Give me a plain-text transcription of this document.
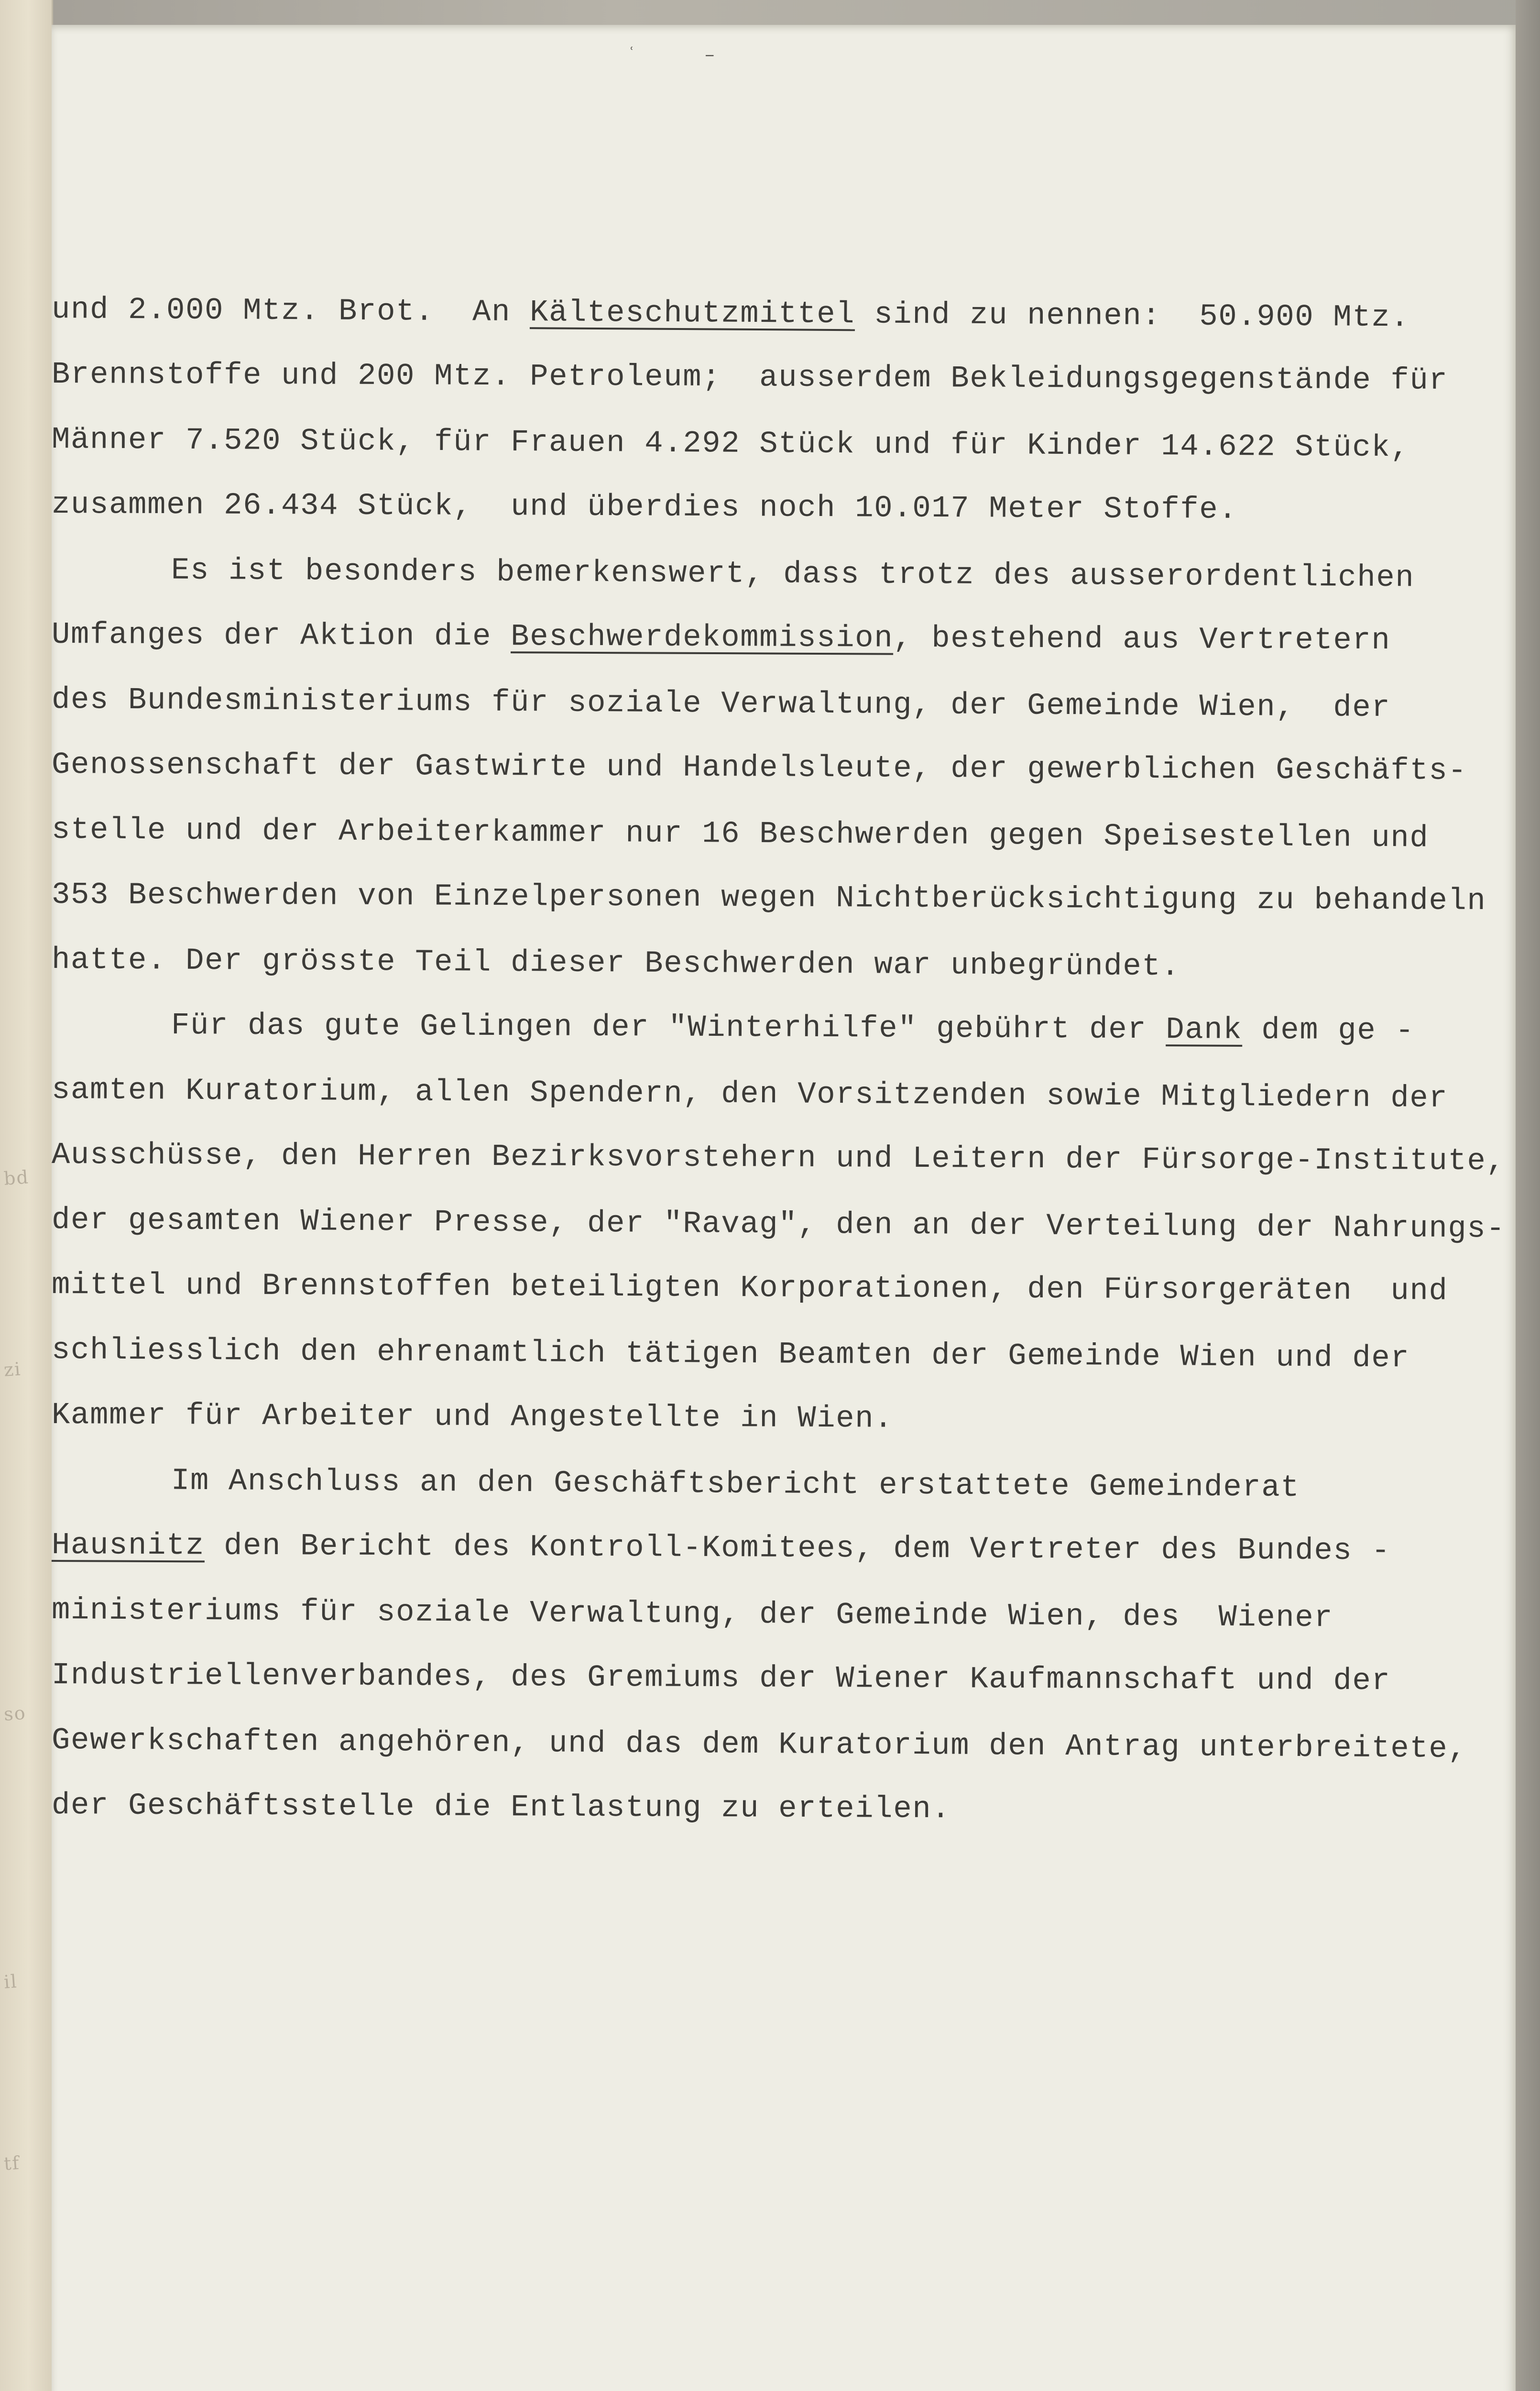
bd
zi
so
il
tf
ʿ–
und 2.000 Mtz. Brot.  An Kälteschutzmittel sind zu nennen:  50.900 Mtz.
Brennstoffe und 200 Mtz. Petroleum;  ausserdem Bekleidungsgegenstände für
Männer 7.520 Stück, für Frauen 4.292 Stück und für Kinder 14.622 Stück,
zusammen 26.434 Stück,  und überdies noch 10.017 Meter Stoffe.
Es ist besonders bemerkenswert, dass trotz des ausserordentlichen
Umfanges der Aktion die Beschwerdekommission, bestehend aus Vertretern
des Bundesministeriums für soziale Verwaltung, der Gemeinde Wien,  der
Genossenschaft der Gastwirte und Handelsleute, der gewerblichen Geschäfts-
stelle und der Arbeiterkammer nur 16 Beschwerden gegen Speisestellen und
353 Beschwerden von Einzelpersonen wegen Nichtberücksichtigung zu behandeln
hatte. Der grösste Teil dieser Beschwerden war unbegründet.
Für das gute Gelingen der "Winterhilfe" gebührt der Dank dem ge -
samten Kuratorium, allen Spendern, den Vorsitzenden sowie Mitgliedern der
Ausschüsse, den Herren Bezirksvorstehern und Leitern der Fürsorge-Institute,
der gesamten Wiener Presse, der "Ravag", den an der Verteilung der Nahrungs-
mittel und Brennstoffen beteiligten Korporationen, den Fürsorgeräten  und
schliesslich den ehrenamtlich tätigen Beamten der Gemeinde Wien und der
Kammer für Arbeiter und Angestellte in Wien.
Im Anschluss an den Geschäftsbericht erstattete Gemeinderat
Hausnitz den Bericht des Kontroll-Komitees, dem Vertreter des Bundes -
ministeriums für soziale Verwaltung, der Gemeinde Wien, des  Wiener
Industriellenverbandes, des Gremiums der Wiener Kaufmannschaft und der
Gewerkschaften angehören, und das dem Kuratorium den Antrag unterbreitete,
der Geschäftsstelle die Entlastung zu erteilen.
